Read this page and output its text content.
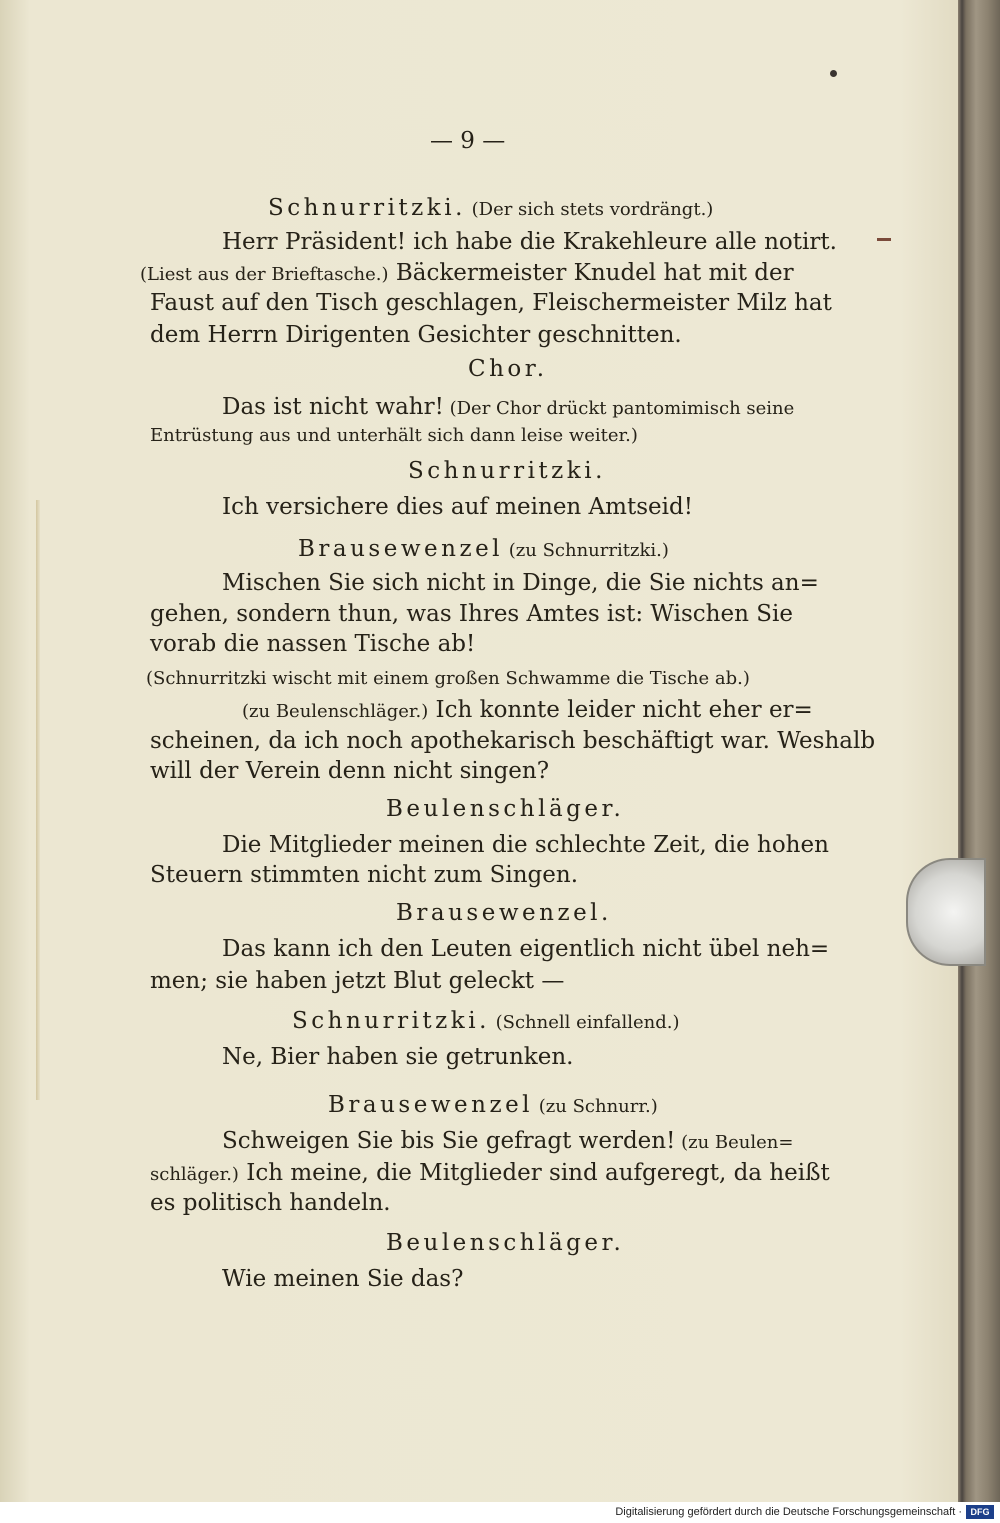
— 9 —
Schnurritzki. (Der sich stets vordrängt.)
Herr Präsident! ich habe die Krakehleure alle notirt.
(Liest aus der Brieftasche.) Bäckermeister Knudel hat mit der
Faust auf den Tisch geschlagen, Fleischermeister Milz hat
dem Herrn Dirigenten Gesichter geschnitten.
Chor.
Das ist nicht wahr! (Der Chor drückt pantomimisch seine
Entrüstung aus und unterhält sich dann leise weiter.)
Schnurritzki.
Ich versichere dies auf meinen Amtseid!
Brausewenzel (zu Schnurritzki.)
Mischen Sie sich nicht in Dinge, die Sie nichts an=
gehen, sondern thun, was Ihres Amtes ist: Wischen Sie
vorab die nassen Tische ab!
(Schnurritzki wischt mit einem großen Schwamme die Tische ab.)
(zu Beulenschläger.) Ich konnte leider nicht eher er=
scheinen, da ich noch apothekarisch beschäftigt war. Weshalb
will der Verein denn nicht singen?
Beulenschläger.
Die Mitglieder meinen die schlechte Zeit, die hohen
Steuern stimmten nicht zum Singen.
Brausewenzel.
Das kann ich den Leuten eigentlich nicht übel neh=
men; sie haben jetzt Blut geleckt —
Schnurritzki. (Schnell einfallend.)
Ne, Bier haben sie getrunken.
Brausewenzel (zu Schnurr.)
Schweigen Sie bis Sie gefragt werden! (zu Beulen=
schläger.) Ich meine, die Mitglieder sind aufgeregt, da heißt
es politisch handeln.
Beulenschläger.
Wie meinen Sie das?
Digitalisierung gefördert durch die Deutsche Forschungsgemeinschaft · DFG
